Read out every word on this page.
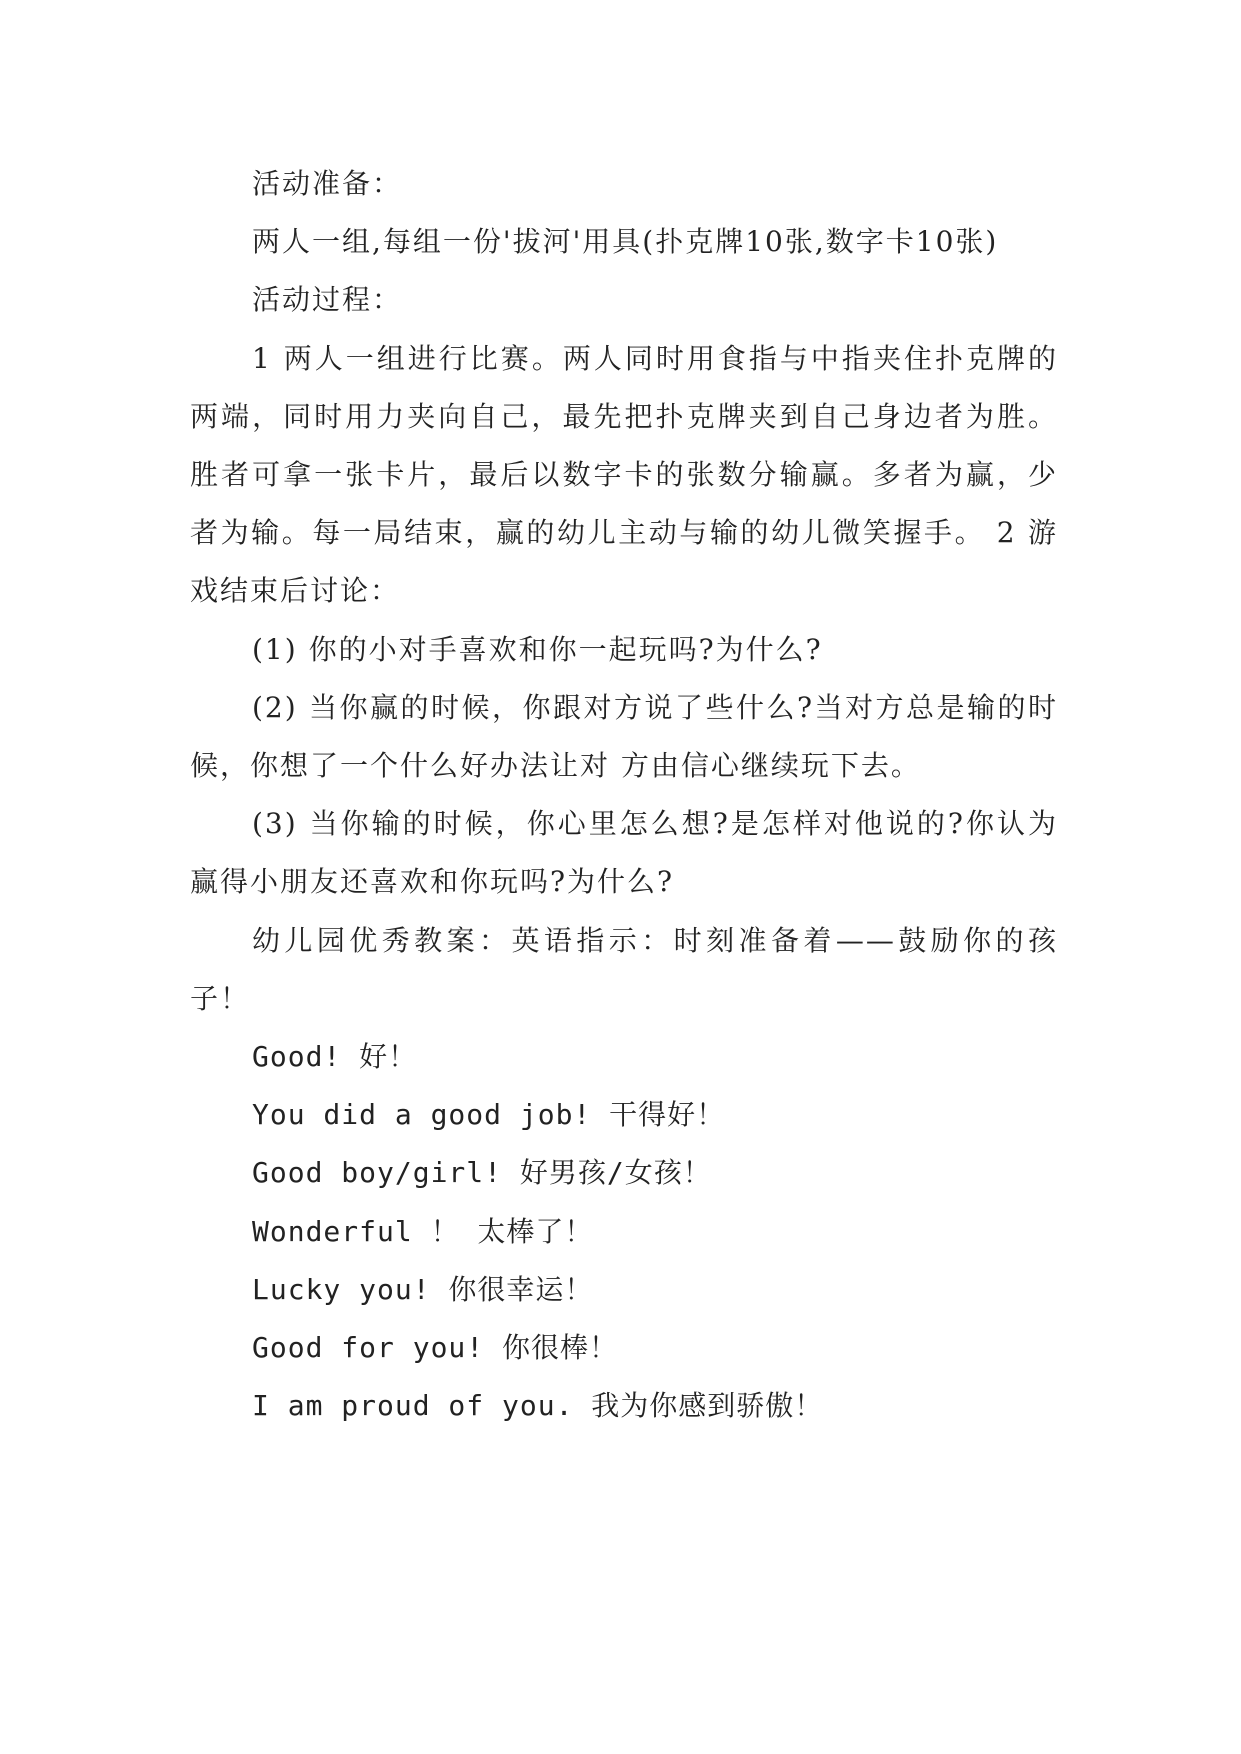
活动准备：

两人一组,每组一份'拔河'用具(扑克牌10张,数字卡10张)

活动过程：

1 两人一组进行比赛。两人同时用食指与中指夹住扑克牌的两端，同时用力夹向自己，最先把扑克牌夹到自己身边者为胜。胜者可拿一张卡片，最后以数字卡的张数分输赢。多者为赢，少者为输。每一局结束，赢的幼儿主动与输的幼儿微笑握手。 2 游戏结束后讨论：

(1) 你的小对手喜欢和你一起玩吗?为什么?

(2) 当你赢的时候，你跟对方说了些什么?当对方总是输的时候，你想了一个什么好办法让对 方由信心继续玩下去。

(3) 当你输的时候，你心里怎么想?是怎样对他说的?你认为赢得小朋友还喜欢和你玩吗?为什么?

幼儿园优秀教案：英语指示：时刻准备着——鼓励你的孩子！

Good! 好！

You did a good job! 干得好！

Good boy/girl! 好男孩/女孩！

Wonderful ！ 太棒了！

Lucky you! 你很幸运！

Good for you! 你很棒！

I am proud of you. 我为你感到骄傲！
